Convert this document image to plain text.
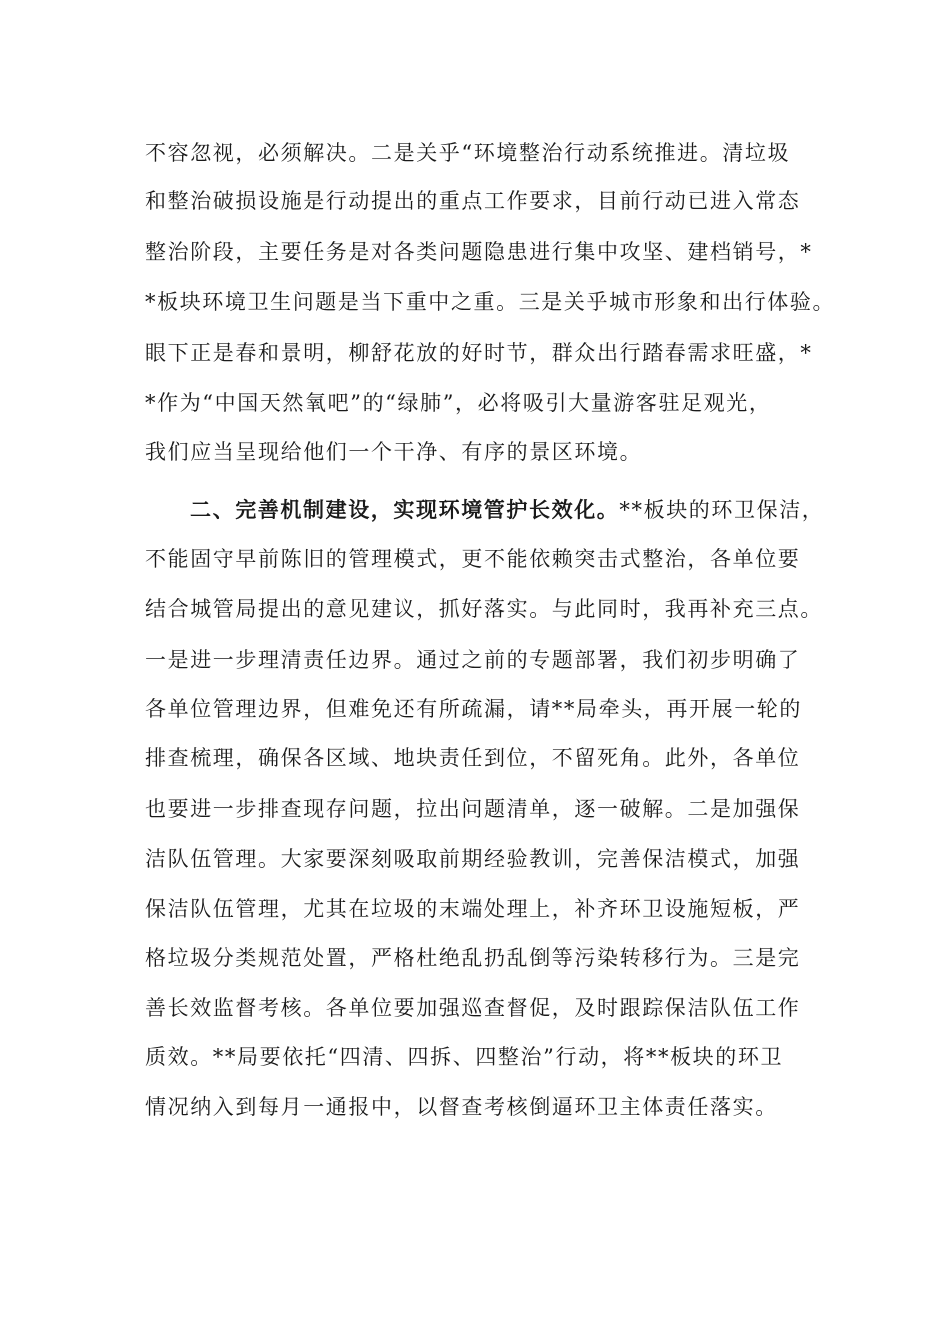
不容忽视，必须解决。二是关乎“环境整治行动系统推进。清垃圾
和整治破损设施是行动提出的重点工作要求，目前行动已进入常态
整治阶段，主要任务是对各类问题隐患进行集中攻坚、建档销号，*
*板块环境卫生问题是当下重中之重。三是关乎城市形象和出行体验。
眼下正是春和景明，柳舒花放的好时节，群众出行踏春需求旺盛，*
*作为“中国天然氧吧”的“绿肺”，必将吸引大量游客驻足观光，
我们应当呈现给他们一个干净、有序的景区环境。
二、完善机制建设，实现环境管护长效化。**板块的环卫保洁，
不能固守早前陈旧的管理模式，更不能依赖突击式整治，各单位要
结合城管局提出的意见建议，抓好落实。与此同时，我再补充三点。
一是进一步理清责任边界。通过之前的专题部署，我们初步明确了
各单位管理边界，但难免还有所疏漏，请**局牵头，再开展一轮的
排查梳理，确保各区域、地块责任到位，不留死角。此外，各单位
也要进一步排查现存问题，拉出问题清单，逐一破解。二是加强保
洁队伍管理。大家要深刻吸取前期经验教训，完善保洁模式，加强
保洁队伍管理，尤其在垃圾的末端处理上，补齐环卫设施短板，严
格垃圾分类规范处置，严格杜绝乱扔乱倒等污染转移行为。三是完
善长效监督考核。各单位要加强巡查督促，及时跟踪保洁队伍工作
质效。**局要依托“四清、四拆、四整治”行动，将**板块的环卫
情况纳入到每月一通报中，以督查考核倒逼环卫主体责任落实。
